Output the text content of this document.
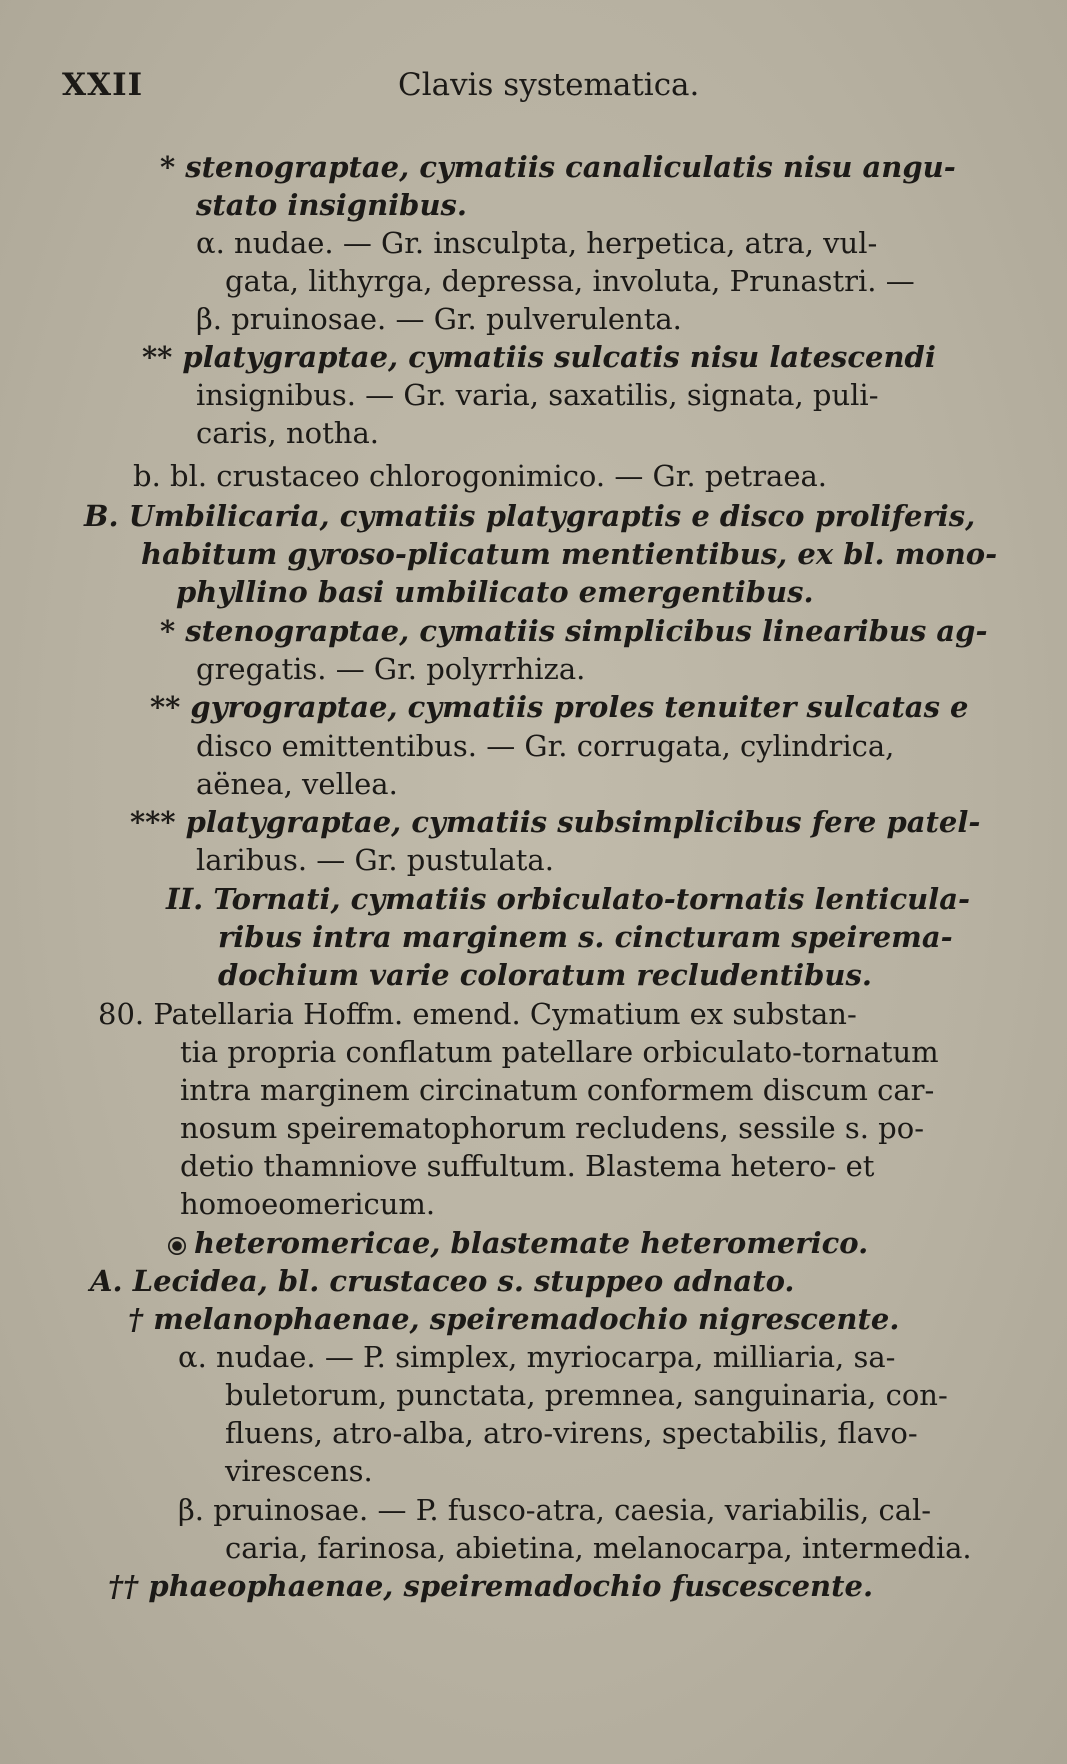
XXII	Clavis systematica.
* stenograptae, cymatiis canaliculatis nisu angu-
stato insignibus.
α. nudae. — Gr. insculpta, herpetica, atra, vul-
gata, lithyrga, depressa, involuta, Prunastri. —
β. pruinosae. — Gr. pulverulenta.
** platygraptae, cymatiis sulcatis nisu latescendi
insignibus. — Gr. varia, saxatilis, signata, puli-
caris, notha.
b. bl. crustaceo chlorogonimico. — Gr. petraea.
B. Umbilicaria, cymatiis platygraptis e disco proliferis,
habitum gyroso-plicatum mentientibus, ex bl. mono-
phyllino basi umbilicato emergentibus.
* stenograptae, cymatiis simplicibus linearibus ag-
gregatis. — Gr. polyrrhiza.
** gyrograptae, cymatiis proles tenuiter sulcatas e
disco emittentibus. — Gr. corrugata, cylindrica,
aënea, vellea.
*** platygraptae, cymatiis subsimplicibus fere patel-
laribus. — Gr. pustulata.
II. Tornati, cymatiis orbiculato-tornatis lenticula-
ribus intra marginem s. cincturam speirema-
dochium varie coloratum recludentibus.
80. Patellaria Hoffm. emend. Cymatium ex substan-
tia propria conflatum patellare orbiculato-tornatum
intra marginem circinatum conformem discum car-
nosum speirematophorum recludens, sessile s. po-
detio thamniove suffultum. Blastema hetero- et
homoeomericum.
heteromericae, blastemate heteromerico.
A. Lecidea, bl. crustaceo s. stuppeo adnato.
† melanophaenae, speiremadochio nigrescente.
α. nudae. — P. simplex, myriocarpa, milliaria, sa-
buletorum, punctata, premnea, sanguinaria, con-
fluens, atro-alba, atro-virens, spectabilis, flavo-
virescens.
β. pruinosae. — P. fusco-atra, caesia, variabilis, cal-
caria, farinosa, abietina, melanocarpa, intermedia.
†† phaeophaenae, speiremadochio fuscescente.
